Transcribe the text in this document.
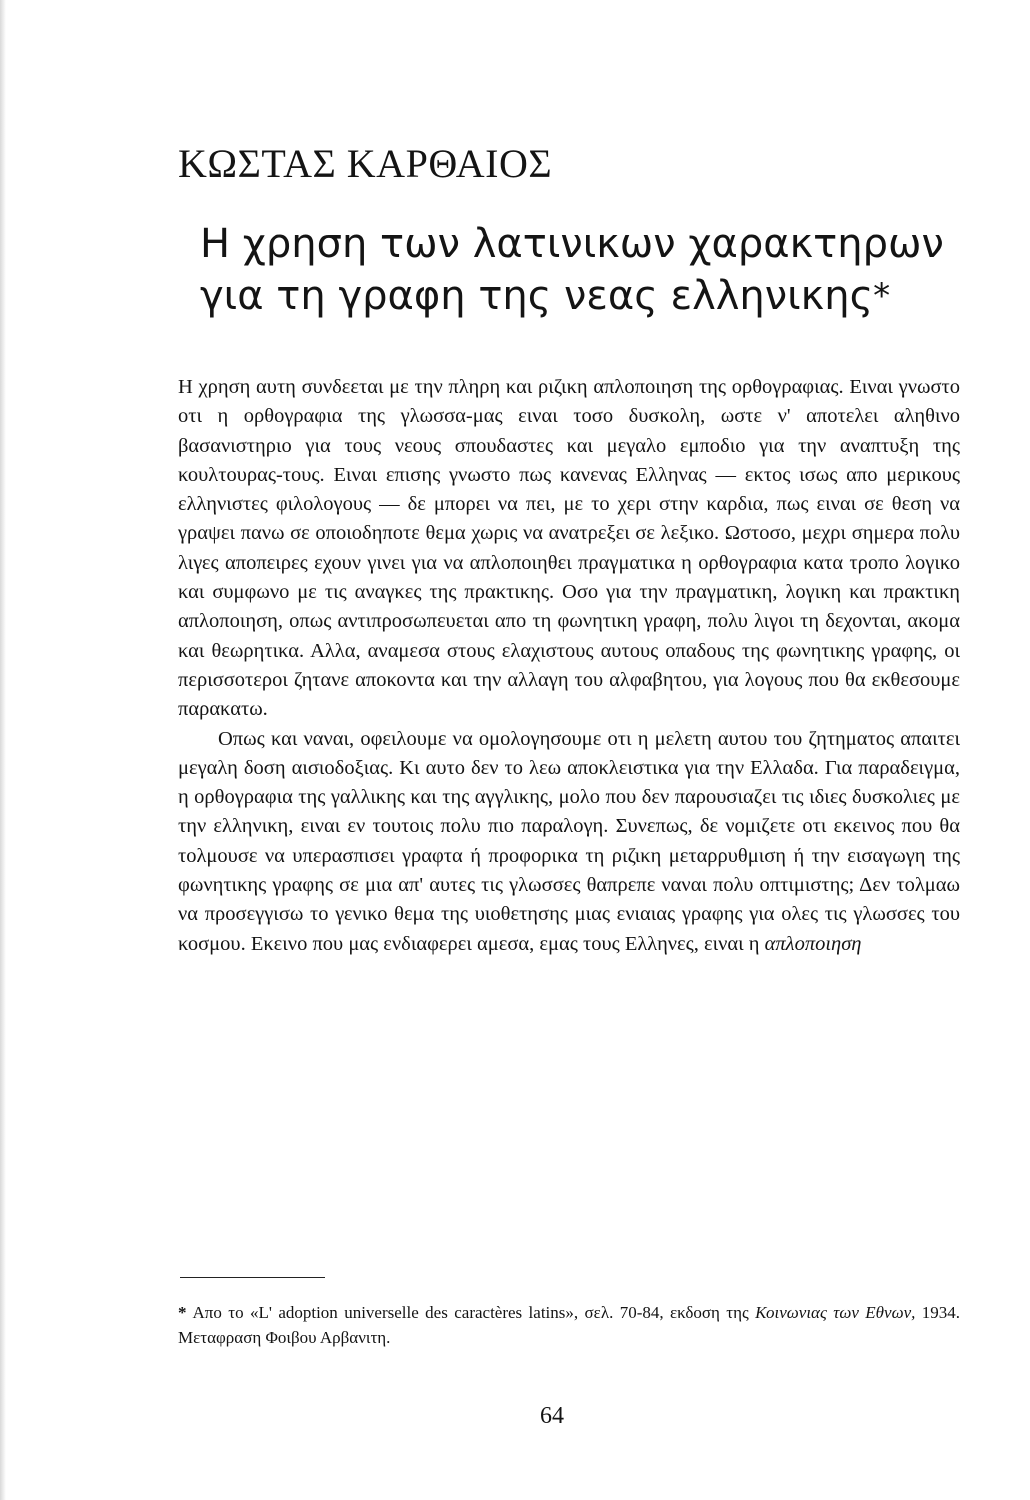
ΚΩΣΤΑΣ ΚΑΡΘΑΙΟΣ
Η χρηση των λατινικων χαρακτηρων
για τη γραφη της νεας ελληνικης*

Η χρηση αυτη συνδεεται με την πληρη και ριζικη απλοποιηση της ορθογραφιας. Ειναι γνωστο οτι η ορθογραφια της γλωσσα-μας ειναι τοσο δυσκολη, ωστε ν' αποτελει αληθινο βασανιστηριο για τους νεους σπουδαστες και μεγαλο εμποδιο για την αναπτυξη της κουλτουρας-τους. Ειναι επισης γνωστο πως κανενας Ελληνας — εκτος ισως απο μερικους ελληνιστες φιλολογους — δε μπορει να πει, με το χερι στην καρδια, πως ειναι σε θεση να γραψει πανω σε οποιοδηποτε θεμα χωρις να ανατρεξει σε λεξικο. Ωστοσο, μεχρι σημερα πολυ λιγες αποπειρες εχουν γινει για να απλοποιηθει πραγματικα η ορθογραφια κατα τροπο λογικο και συμφωνο με τις αναγκες της πρακτικης. Οσο για την πραγματικη, λογικη και πρακτικη απλοποιηση, οπως αντιπροσωπευεται απο τη φωνητικη γραφη, πολυ λιγοι τη δεχονται, ακομα και θεωρητικα. Αλλα, αναμεσα στους ελαχιστους αυτους οπαδους της φωνητικης γραφης, οι περισσοτεροι ζητανε αποκοντα και την αλλαγη του αλφαβητου, για λογους που θα εκθεσουμε παρακατω.

Οπως και ναναι, οφειλουμε να ομολογησουμε οτι η μελετη αυτου του ζητηματος απαιτει μεγαλη δοση αισιοδοξιας. Κι αυτο δεν το λεω αποκλειστικα για την Ελλαδα. Για παραδειγμα, η ορθογραφια της γαλλικης και της αγγλικης, μολο που δεν παρουσιαζει τις ιδιες δυσκολιες με την ελληνικη, ειναι εν τουτοις πολυ πιο παραλογη. Συνεπως, δε νομιζετε οτι εκεινος που θα τολμουσε να υπερασπισει γραφτα ή προφορικα τη ριζικη μεταρρυθμιση ή την εισαγωγη της φωνητικης γραφης σε μια απ' αυτες τις γλωσσες θαπρεπε ναναι πολυ οπτιμιστης; Δεν τολμαω να προσεγγισω το γενικο θεμα της υιοθετησης μιας ενιαιας γραφης για ολες τις γλωσσες του κοσμου. Εκεινο που μας ενδιαφερει αμεσα, εμας τους Ελληνες, ειναι η απλοποιηση

* Απο το «L' adoption universelle des caractères latins», σελ. 70-84, εκδοση της Κοινωνιας των Εθνων, 1934. Μεταφραση Φοιβου Αρβανιτη.
64
